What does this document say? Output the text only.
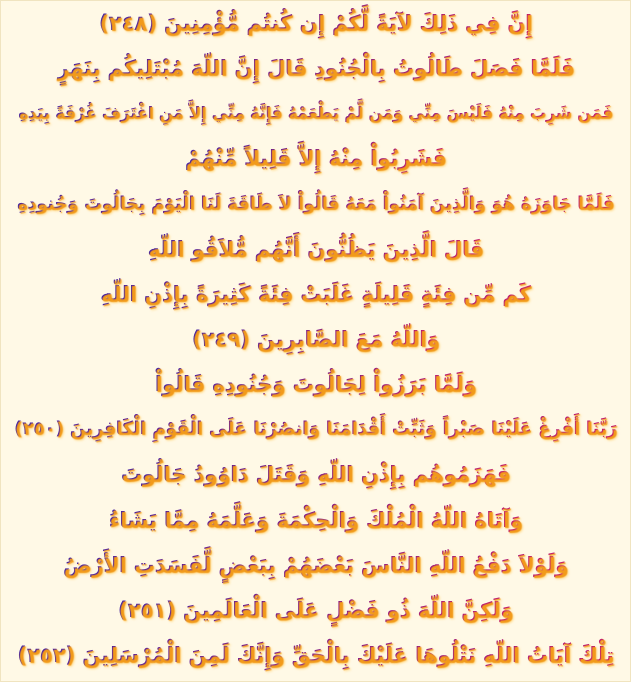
إِنَّ فِي ذَلِكَ لآيَةً لَّكُمْ إِن كُنتُم مُّؤْمِنِينَ (٢٤٨)
فَلَمَّا فَصَلَ طَالُوتُ بِالْجُنُودِ قَالَ إِنَّ اللّهَ مُبْتَلِيكُم بِنَهَرٍ
فَمَن شَرِبَ مِنْهُ فَلَيْسَ مِنِّي وَمَن لَّمْ يَطْعَمْهُ فَإِنَّهُ مِنِّي إِلاَّ مَنِ اغْتَرَفَ غُرْفَةً بِيَدِهِ
فَشَرِبُواْ مِنْهُ إِلاَّ قَلِيلاً مِّنْهُمْ
فَلَمَّا جَاوَزَهُ هُوَ وَالَّذِينَ آمَنُواْ مَعَهُ قَالُواْ لاَ طَاقَةَ لَنَا الْيَوْمَ بِجَالُوتَ وَجُنودِهِ
قَالَ الَّذِينَ يَظُنُّونَ أَنَّهُم مُّلاَقُو اللّهِ
كَم مِّن فِئَةٍ قَلِيلَةٍ غَلَبَتْ فِئَةً كَثِيرَةً بِإِذْنِ اللّهِ
وَاللّهُ مَعَ الصَّابِرِينَ (٢٤٩)
وَلَمَّا بَرَزُواْ لِجَالُوتَ وَجُنُودِهِ قَالُواْ
رَبَّنَا أَفْرِغْ عَلَيْنَا صَبْراً وَثَبِّتْ أَقْدَامَنَا وَانصُرْنَا عَلَى الْقَوْمِ الْكَافِرِينَ (٢٥٠)
فَهَزَمُوهُم بِإِذْنِ اللّهِ وَقَتَلَ دَاوُودُ جَالُوتَ
وَآتَاهُ اللّهُ الْمُلْكَ وَالْحِكْمَةَ وَعَلَّمَهُ مِمَّا يَشَاءُ
وَلَوْلاَ دَفْعُ اللّهِ النَّاسَ بَعْضَهُمْ بِبَعْضٍ لَّفَسَدَتِ الأَرْضُ
وَلَكِنَّ اللّهَ ذُو فَضْلٍ عَلَى الْعَالَمِينَ (٢٥١)
تِلْكَ آيَاتُ اللّهِ نَتْلُوهَا عَلَيْكَ بِالْحَقِّ وَإِنَّكَ لَمِنَ الْمُرْسَلِينَ (٢٥٢)
